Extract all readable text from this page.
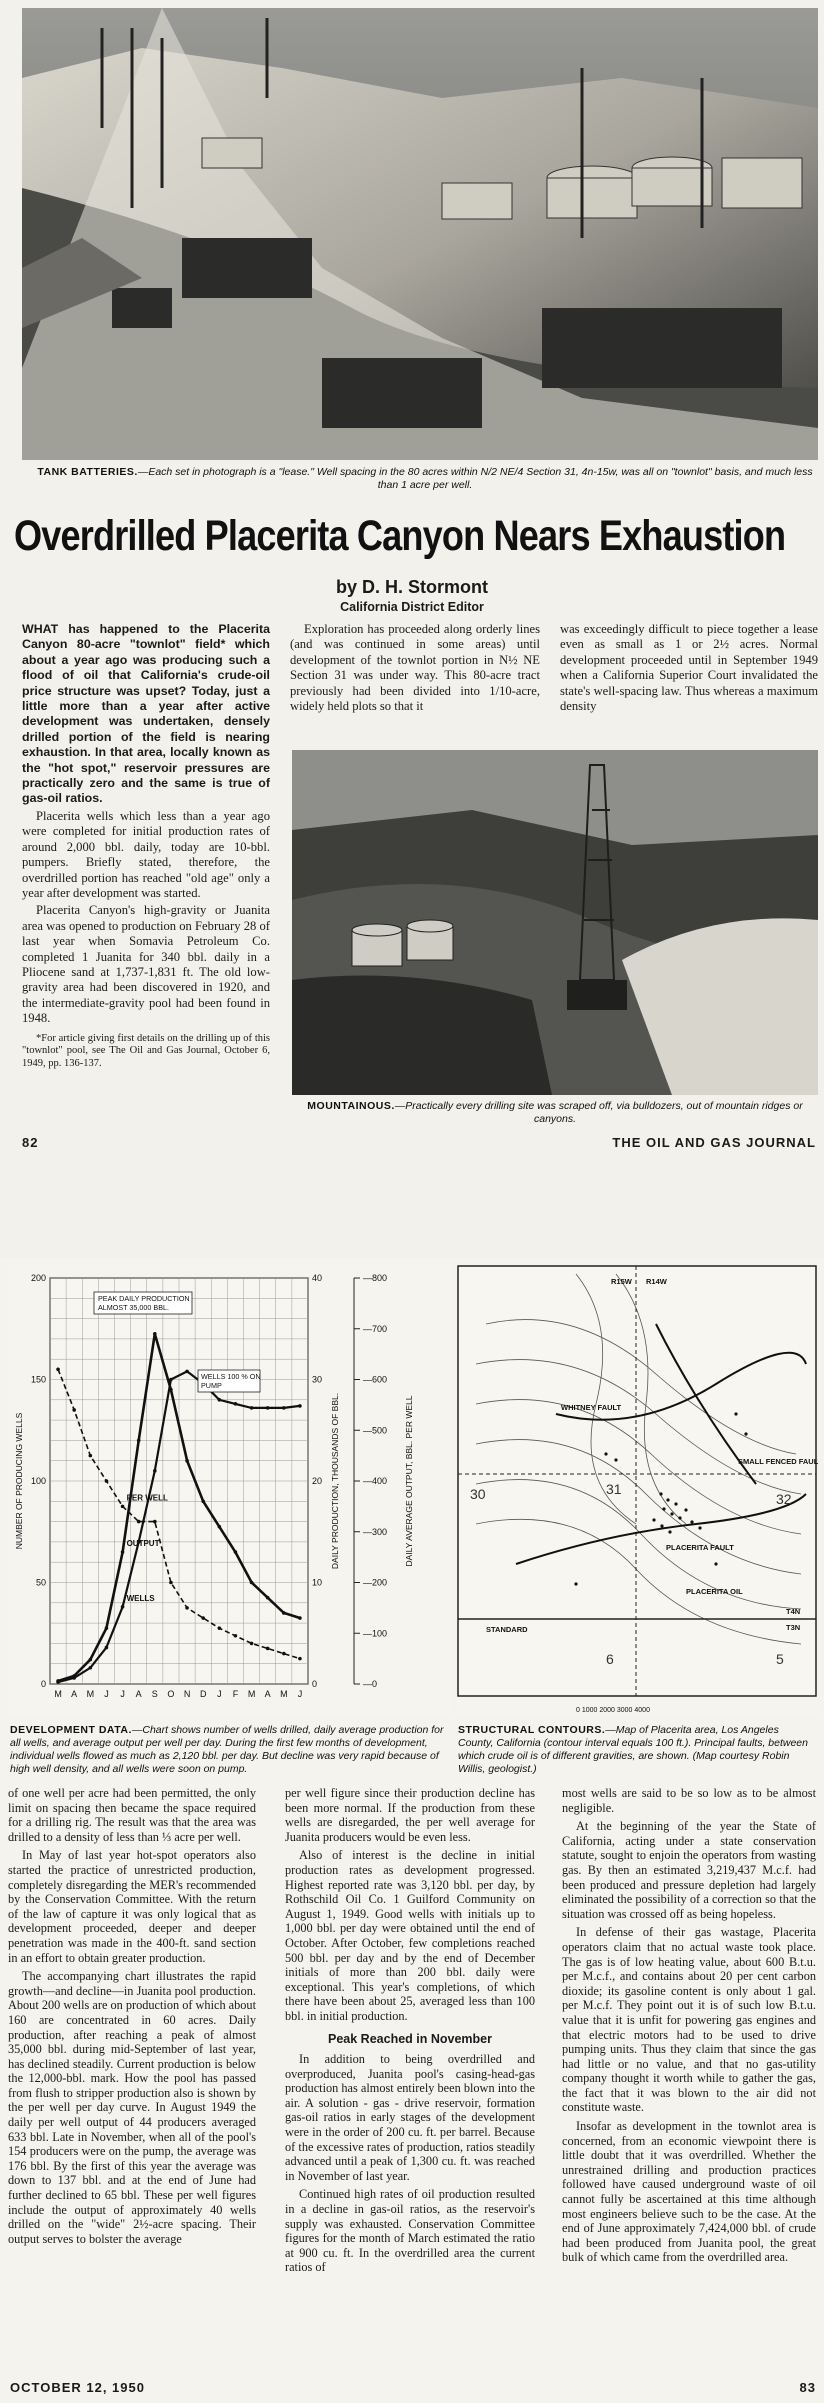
TANK BATTERIES.—Each set in photograph is a "lease." Well spacing in the 80 acres within N/2 NE/4 Section 31, 4n-15w, was all on "townlot" basis, and much less than 1 acre per well.
Overdrilled Placerita Canyon Nears Exhaustion
by D. H. Stormont
California District Editor

WHAT has happened to the Placerita Canyon 80-acre "townlot" field* which about a year ago was producing such a flood of oil that California's crude-oil price structure was upset? Today, just a little more than a year after active development was undertaken, densely drilled portion of the field is nearing exhaustion. In that area, locally known as the "hot spot," reservoir pressures are practically zero and the same is true of gas-oil ratios.

Placerita wells which less than a year ago were completed for initial production rates of around 2,000 bbl. daily, today are 10-bbl. pumpers. Briefly stated, therefore, the overdrilled portion has reached "old age" only a year after development was started.

Placerita Canyon's high-gravity or Juanita area was opened to production on February 28 of last year when Somavia Petroleum Co. completed 1 Juanita for 340 bbl. daily in a Pliocene sand at 1,737-1,831 ft. The old low-gravity area had been discovered in 1920, and the intermediate-gravity pool had been found in 1948.

*For article giving first details on the drilling up of this "townlot" pool, see The Oil and Gas Journal, October 6, 1949, pp. 136-137.

Exploration has proceeded along orderly lines (and was continued in some areas) until development of the townlot portion in N½ NE Section 31 was under way. This 80-acre tract previously had been divided into 1/10-acre, widely held plots so that it

was exceedingly difficult to piece together a lease even as small as 1 or 2½ acres. Normal development proceeded until in September 1949 when a California Superior Court invalidated the state's well-spacing law. Thus whereas a maximum density

MOUNTAINOUS.—Practically every drilling site was scraped off, via bulldozers, out of mountain ridges or canyons.
82	THE OIL AND GAS JOURNAL
0
50
100
150
200
0
10
20
30
40
—0
—100
—200
—300
—400
—500
—600
—700
—800
M A M J J A S O N D J F M A M J
NUMBER OF PRODUCING WELLS	DAILY PRODUCTION, THOUSANDS OF BBL.	DAILY AVERAGE OUTPUT, BBL. PER WELL
WELLS
OUTPUT
PER WELL
PEAK DAILY PRODUCTION
ALMOST 35,000 BBL.
WELLS 100 % ON
PUMP
PLACERITA FAULT
WHITNEY FAULT
SMALL FENCED FAULT
STANDARD
PLACERITA OIL
T4N
T3N
R15W R14W
30	31
32
6	5
0 1000 2000 3000 4000
DEVELOPMENT DATA.—Chart shows number of wells drilled, daily average production for all wells, and average output per well per day. During the first few months of development, individual wells flowed as much as 2,120 bbl. per day. But decline was very rapid because of high well density, and all wells were soon on pump.
STRUCTURAL CONTOURS.—Map of Placerita area, Los Angeles County, California (contour interval equals 100 ft.). Principal faults, between which crude oil is of different gravities, are shown. (Map courtesy Robin Willis, geologist.)

of one well per acre had been permitted, the only limit on spacing then became the space required for a drilling rig. The result was that the area was drilled to a density of less than ⅓ acre per well.

In May of last year hot-spot operators also started the practice of unrestricted production, completely disregarding the MER's recommended by the Conservation Committee. With the return of the law of capture it was only logical that as development proceeded, deeper and deeper penetration was made in the 400-ft. sand section in an effort to obtain greater production.

The accompanying chart illustrates the rapid growth—and decline—in Juanita pool production. About 200 wells are on production of which about 160 are concentrated in 60 acres. Daily production, after reaching a peak of almost 35,000 bbl. during mid-September of last year, has declined steadily. Current production is below the 12,000-bbl. mark. How the pool has passed from flush to stripper production also is shown by the per well per day curve. In August 1949 the daily per well output of 44 producers averaged 633 bbl. Late in November, when all of the pool's 154 producers were on the pump, the average was 176 bbl. By the first of this year the average was down to 137 bbl. and at the end of June had further declined to 65 bbl. These per well figures include the output of approximately 40 wells drilled on the "wide" 2½-acre spacing. Their output serves to bolster the average

per well figure since their production decline has been more normal. If the production from these wells are disregarded, the per well average for Juanita producers would be even less.

Also of interest is the decline in initial production rates as development progressed. Highest reported rate was 3,120 bbl. per day, by Rothschild Oil Co. 1 Guilford Community on August 1, 1949. Good wells with initials up to 1,000 bbl. per day were obtained until the end of October. After October, few completions reached 500 bbl. per day and by the end of December initials of more than 200 bbl. daily were exceptional. This year's completions, of which there have been about 25, averaged less than 100 bbl. in initial production.

Peak Reached in November

In addition to being overdrilled and overproduced, Juanita pool's casing-head-gas production has almost entirely been blown into the air. A solution - gas - drive reservoir, formation gas-oil ratios in early stages of the development were in the order of 200 cu. ft. per barrel. Because of the excessive rates of production, ratios steadily advanced until a peak of 1,300 cu. ft. was reached in November of last year.

Continued high rates of oil production resulted in a decline in gas-oil ratios, as the reservoir's supply was exhausted. Conservation Committee figures for the month of March estimated the ratio at 900 cu. ft. In the overdrilled area the current ratios of

most wells are said to be so low as to be almost negligible.

At the beginning of the year the State of California, acting under a state conservation statute, sought to enjoin the operators from wasting gas. By then an estimated 3,219,437 M.c.f. had been produced and pressure depletion had largely eliminated the possibility of a correction so that the situation was crossed off as being hopeless.

In defense of their gas wastage, Placerita operators claim that no actual waste took place. The gas is of low heating value, about 600 B.t.u. per M.c.f., and contains about 20 per cent carbon dioxide; its gasoline content is only about 1 gal. per M.c.f. They point out it is of such low B.t.u. value that it is unfit for powering gas engines and that electric motors had to be used to drive pumping units. Thus they claim that since the gas had little or no value, and that no gas-utility company thought it worth while to gather the gas, the fact that it was blown to the air did not constitute waste.

Insofar as development in the townlot area is concerned, from an economic viewpoint there is little doubt that it was overdrilled. Whether the unrestrained drilling and production practices followed have caused underground waste of oil cannot fully be ascertained at this time although most engineers believe such to be the case. At the end of June approximately 7,424,000 bbl. of crude had been produced from Juanita pool, the great bulk of which came from the overdrilled area.

OCTOBER 12, 1950	83
